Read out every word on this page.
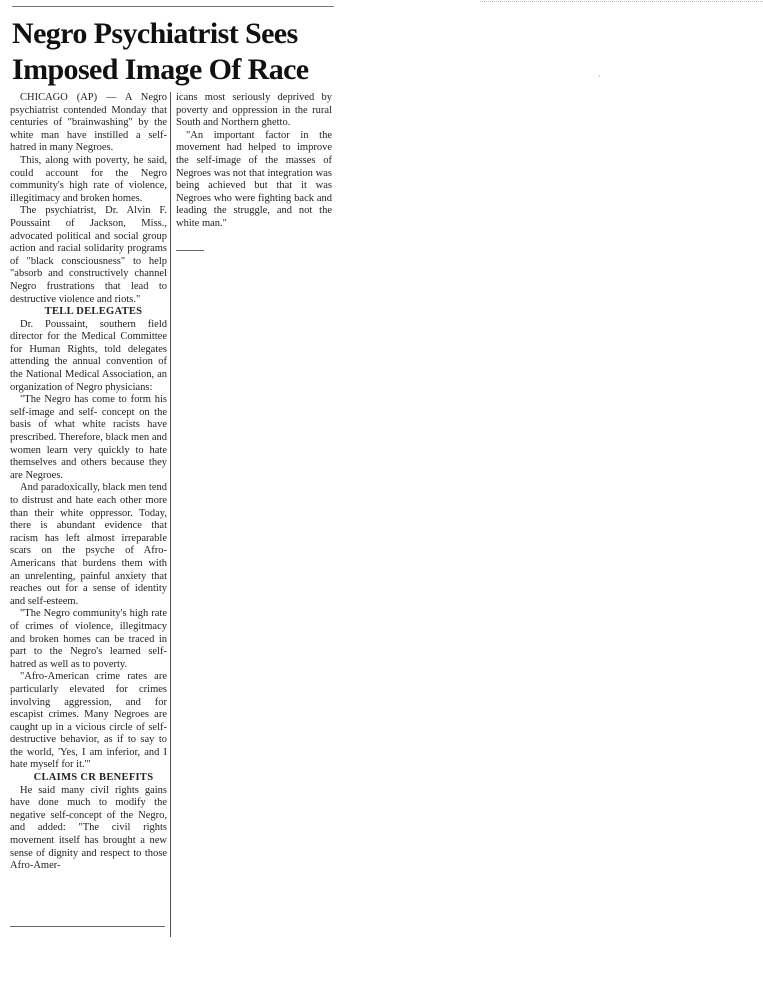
·
Negro Psychiatrist Sees
Imposed Image Of Race

CHICAGO (AP) — A Negro psychiatrist contended Monday that centuries of "brainwashing" by the white man have instilled a self-hatred in many Negroes.

This, along with poverty, he said, could account for the Negro community's high rate of violence, illegitimacy and broken homes.

The psychiatrist, Dr. Alvin F. Poussaint of Jackson, Miss., advocated political and social group action and racial solidarity programs of "black consciousness" to help "absorb and constructively channel Negro frustrations that lead to destructive violence and riots."

TELL DELEGATES

Dr. Poussaint, southern field director for the Medical Committee for Human Rights, told delegates attending the annual convention of the National Medical Association, an organization of Negro physicians:

"The Negro has come to form his self-image and self- concept on the basis of what white racists have prescribed. Therefore, black men and women learn very quickly to hate themselves and others because they are Negroes.

And paradoxically, black men tend to distrust and hate each other more than their white oppressor. Today, there is abundant evidence that racism has left almost irreparable scars on the psyche of Afro-Americans that burdens them with an unrelenting, painful anxiety that reaches out for a sense of identity and self-esteem.

"The Negro community's high rate of crimes of violence, illegitmacy and broken homes can be traced in part to the Negro's learned self-hatred as well as to poverty.

"Afro-American crime rates are particularly elevated for crimes involving aggression, and for escapist crimes. Many Negroes are caught up in a vicious circle of self-destructive behavior, as if to say to the world, 'Yes, I am inferior, and I hate myself for it.'"

CLAIMS CR BENEFITS

He said many civil rights gains have done much to modify the negative self-concept of the Negro, and added: "The civil rights movement itself has brought a new sense of dignity and respect to those Afro-Amer-

icans most seriously deprived by poverty and oppression in the rural South and Northern ghetto.

"An important factor in the movement had helped to improve the self-image of the masses of Negroes was not that integration was being achieved but that it was Negroes who were fighting back and leading the struggle, and not the white man."
